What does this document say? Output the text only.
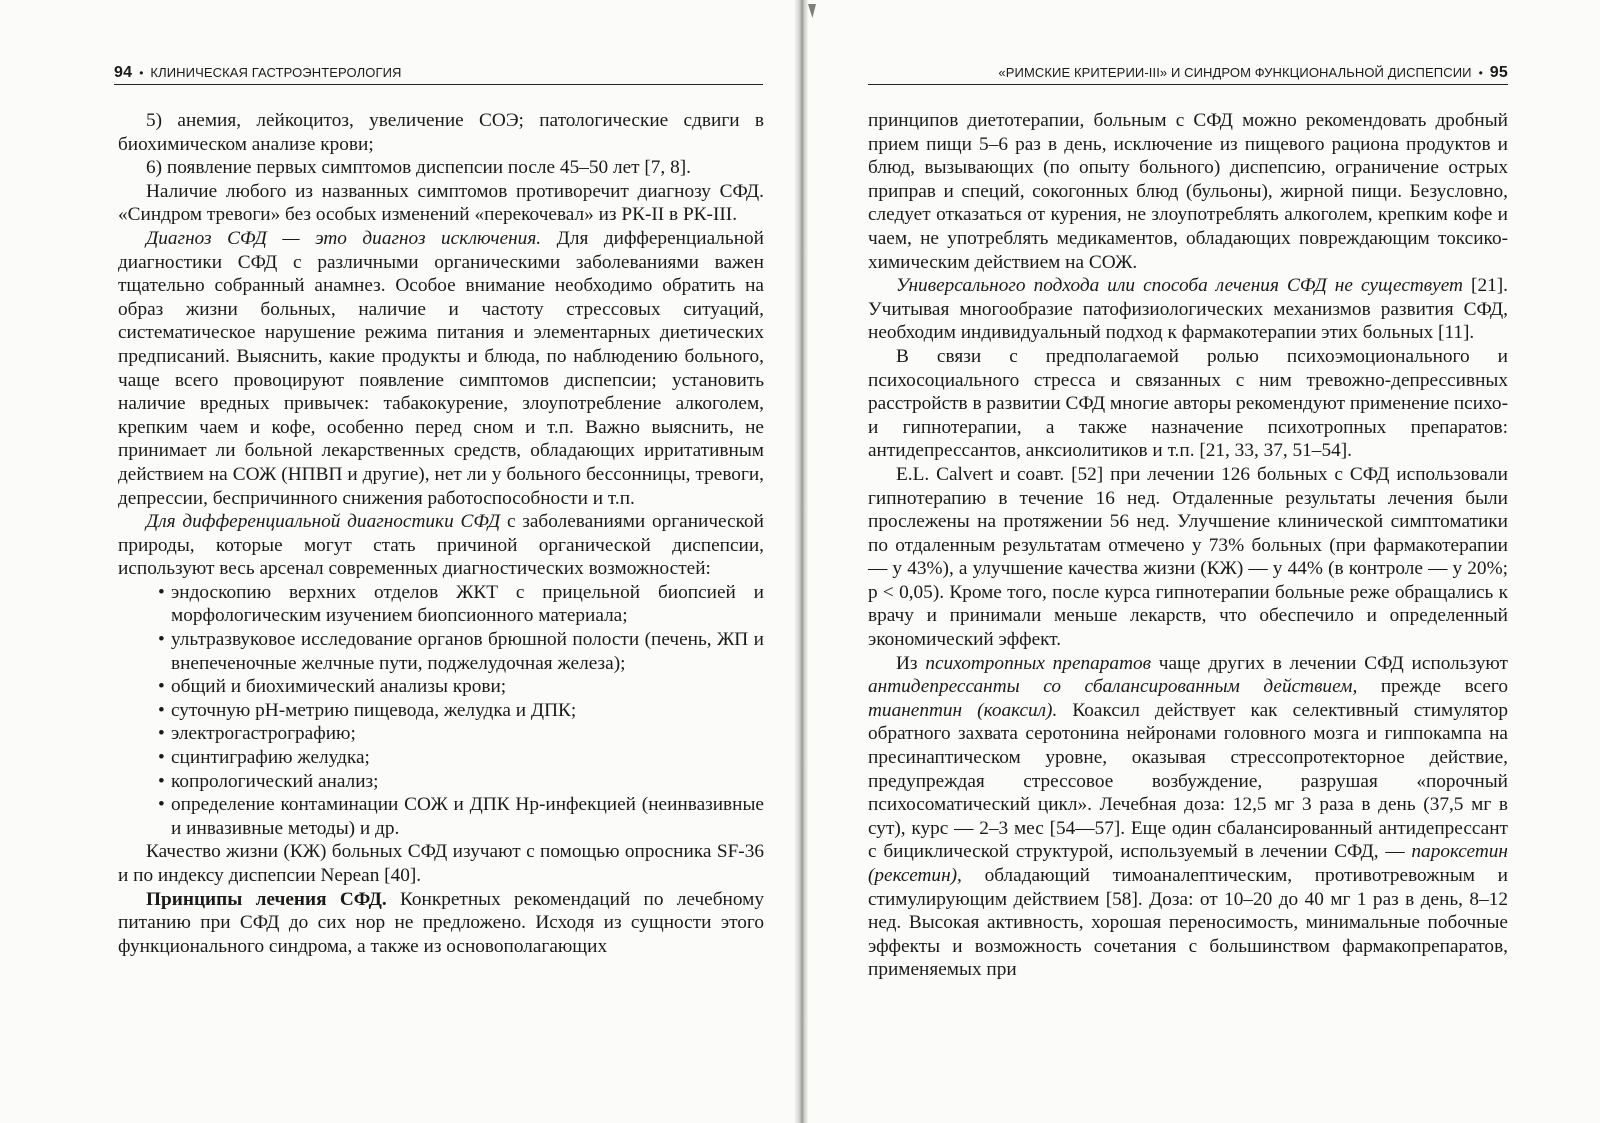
94 • КЛИНИЧЕСКАЯ ГАСТРОЭНТЕРОЛОГИЯ	«РИМСКИЕ КРИТЕРИИ-III» И СИНДРОМ ФУНКЦИОНАЛЬНОЙ ДИСПЕПСИИ • 95

5) анемия, лейкоцитоз, увеличение СОЭ; патологические сдвиги в биохимическом анализе крови;

6) появление первых симптомов диспепсии после 45–50 лет [7, 8].

Наличие любого из названных симптомов противоречит диагнозу СФД. «Синдром тревоги» без особых изменений «перекочевал» из РК-II в РК-III.

Диагноз СФД — это диагноз исключения. Для дифференциальной диагностики СФД с различными органическими заболеваниями важен тщательно собранный анамнез. Особое внимание необходимо обратить на образ жизни больных, наличие и частоту стрессовых ситуаций, систематическое нарушение режима питания и элементарных диетических предписаний. Выяснить, какие продукты и блюда, по наблюдению больного, чаще всего провоцируют появление симптомов диспепсии; установить наличие вредных привычек: табакокурение, злоупотребление алкоголем, крепким чаем и кофе, особенно перед сном и т.п. Важно выяснить, не принимает ли больной лекарственных средств, обладающих ирритативным действием на СОЖ (НПВП и другие), нет ли у больного бессонницы, тревоги, депрессии, беспричинного снижения работоспособности и т.п.

Для дифференциальной диагностики СФД с заболеваниями органической природы, которые могут стать причиной органической диспепсии, используют весь арсенал современных диагностических возможностей:

• эндоскопию верхних отделов ЖКТ с прицельной биопсией и морфологическим изучением биопсионного материала;
• ультразвуковое исследование органов брюшной полости (печень, ЖП и внепеченочные желчные пути, поджелудочная железа);
• общий и биохимический анализы крови;
• суточную рН-метрию пищевода, желудка и ДПК;
• электрогастрографию;
• сцинтиграфию желудка;
• копрологический анализ;
• определение контаминации СОЖ и ДПК Нр-инфекцией (неинвазивные и инвазивные методы) и др.

Качество жизни (КЖ) больных СФД изучают с помощью опросника SF-36 и по индексу диспепсии Nepean [40].

Принципы лечения СФД. Конкретных рекомендаций по лечебному питанию при СФД до сих нор не предложено. Исходя из сущности этого функционального синдрома, а также из основополагающих

принципов диетотерапии, больным с СФД можно рекомендовать дробный прием пищи 5–6 раз в день, исключение из пищевого рациона продуктов и блюд, вызывающих (по опыту больного) диспепсию, ограничение острых приправ и специй, сокогонных блюд (бульоны), жирной пищи. Безусловно, следует отказаться от курения, не злоупотреблять алкоголем, крепким кофе и чаем, не употреблять медикаментов, обладающих повреждающим токсико-химическим действием на СОЖ.

Универсального подхода или способа лечения СФД не существует [21]. Учитывая многообразие патофизиологических механизмов развития СФД, необходим индивидуальный подход к фармакотерапии этих больных [11].

В связи с предполагаемой ролью психоэмоционального и психосоциального стресса и связанных с ним тревожно-депрессивных расстройств в развитии СФД многие авторы рекомендуют применение психо- и гипнотерапии, а также назначение психотропных препаратов: антидепрессантов, анксиолитиков и т.п. [21, 33, 37, 51–54].

E.L. Calvert и соавт. [52] при лечении 126 больных с СФД использовали гипнотерапию в течение 16 нед. Отдаленные результаты лечения были прослежены на протяжении 56 нед. Улучшение клинической симптоматики по отдаленным результатам отмечено у 73% больных (при фармакотерапии — у 43%), а улучшение качества жизни (КЖ) — у 44% (в контроле — у 20%; р < 0,05). Кроме того, после курса гипнотерапии больные реже обращались к врачу и принимали меньше лекарств, что обеспечило и определенный экономический эффект.

Из психотропных препаратов чаще других в лечении СФД используют антидепрессанты со сбалансированным действием, прежде всего тианептин (коаксил). Коаксил действует как селективный стимулятор обратного захвата серотонина нейронами головного мозга и гиппокампа на пресинаптическом уровне, оказывая стрессопротекторное действие, предупреждая стрессовое возбуждение, разрушая «порочный психосоматический цикл». Лечебная доза: 12,5 мг 3 раза в день (37,5 мг в сут), курс — 2–3 мес [54—57]. Еще один сбалансированный антидепрессант с бициклической структурой, используемый в лечении СФД, — пароксетин (рексетин), обладающий тимоаналептическим, противотревожным и стимулирующим действием [58]. Доза: от 10–20 до 40 мг 1 раз в день, 8–12 нед. Высокая активность, хорошая переносимость, минимальные побочные эффекты и возможность сочетания с большинством фармакопрепаратов, применяемых при
